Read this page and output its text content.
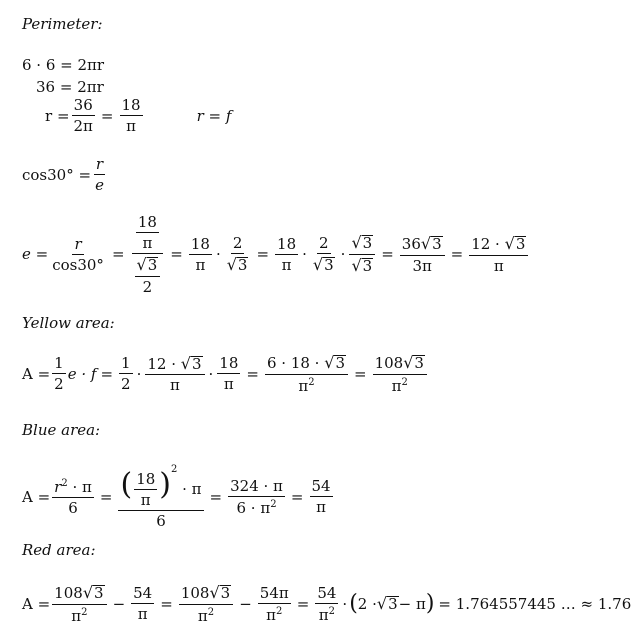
Perimeter:
6 · 6 = 2πr
36 = 2πr
$r = \frac{36}{2\pi} = \frac{18}{\pi}$	r = f
$\cos 30^\circ = \frac{r}{e}$
$e = \frac{r}{\cos 30^\circ} = \frac{\frac{18}{\pi}}{\frac{√ 3}{2}} = \frac{18}{\pi} \cdot \frac{2}{√ 3} = \frac{18}{\pi} \cdot \frac{2}{√ 3} \cdot \frac{√ 3}{√ 3} = \frac{36 √ 3}{3\pi} = \frac{12 \cdot √ 3}{\pi}$
Yellow area:
$A = \frac{1}{2}$ $e \cdot f = \frac{1}{2} \cdot \frac{12 \cdot √ 3}{\pi} \cdot \frac{18}{\pi} = \frac{6 \cdot 18 \cdot √ 3}{\pi^2} = \frac{108 √ 3}{\pi^2}$
Blue area:
$A = \frac{r^2 \cdot \pi}{6} = \frac{( \frac{18}{\pi} )^2 \cdot \pi}{6} = \frac{324 \cdot \pi}{6 \cdot \pi^2} = \frac{54}{\pi}$
Red area:
$A = \frac{108 √ 3}{\pi^2} - \frac{54}{\pi} = \frac{108 √ 3}{\pi^2} - \frac{54\pi}{\pi^2} = \frac{54}{\pi^2}$ · ( 2 · √ 3 − π ) = 1.764557445 … ≈ 1.76
